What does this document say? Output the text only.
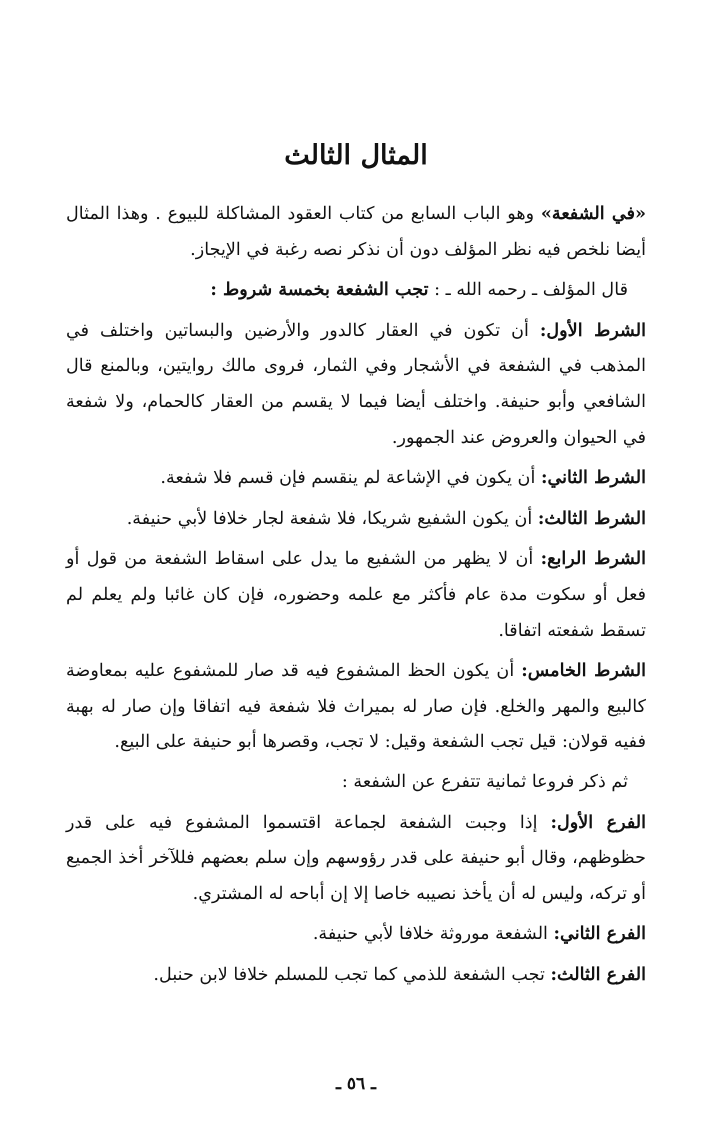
المثال الثالث

«في الشفعة» وهو الباب السابع من كتاب العقود المشاكلة للبيوع . وهذا المثال أيضا نلخص فيه نظر المؤلف دون أن نذكر نصه رغبة في الإيجاز.

قال المؤلف ـ رحمه الله ـ : تجب الشفعة بخمسة شروط :

الشرط الأول: أن تكون في العقار كالدور والأرضين والبساتين واختلف في المذهب في الشفعة في الأشجار وفي الثمار، فروى مالك روايتين، وبالمنع قال الشافعي وأبو حنيفة. واختلف أيضا فيما لا يقسم من العقار كالحمام، ولا شفعة في الحيوان والعروض عند الجمهور.

الشرط الثاني: أن يكون في الإشاعة لم ينقسم فإن قسم فلا شفعة.

الشرط الثالث: أن يكون الشفيع شريكا، فلا شفعة لجار خلافا لأبي حنيفة.

الشرط الرابع: أن لا يظهر من الشفيع ما يدل على اسقاط الشفعة من قول أو فعل أو سكوت مدة عام فأكثر مع علمه وحضوره، فإن كان غائبا ولم يعلم لم تسقط شفعته اتفاقا.

الشرط الخامس: أن يكون الحظ المشفوع فيه قد صار للمشفوع عليه بمعاوضة كالبيع والمهر والخلع. فإن صار له بميراث فلا شفعة فيه اتفاقا وإن صار له بهبة ففيه قولان: قيل تجب الشفعة وقيل: لا تجب، وقصرها أبو حنيفة على البيع.

ثم ذكر فروعا ثمانية تتفرع عن الشفعة :

الفرع الأول: إذا وجبت الشفعة لجماعة اقتسموا المشفوع فيه على قدر حظوظهم، وقال أبو حنيفة على قدر رؤوسهم وإن سلم بعضهم فللآخر أخذ الجميع أو تركه، وليس له أن يأخذ نصيبه خاصا إلا إن أباحه له المشتري.

الفرع الثاني: الشفعة موروثة خلافا لأبي حنيفة.

الفرع الثالث: تجب الشفعة للذمي كما تجب للمسلم خلافا لابن حنبل.

ـ ٥٦ ـ
